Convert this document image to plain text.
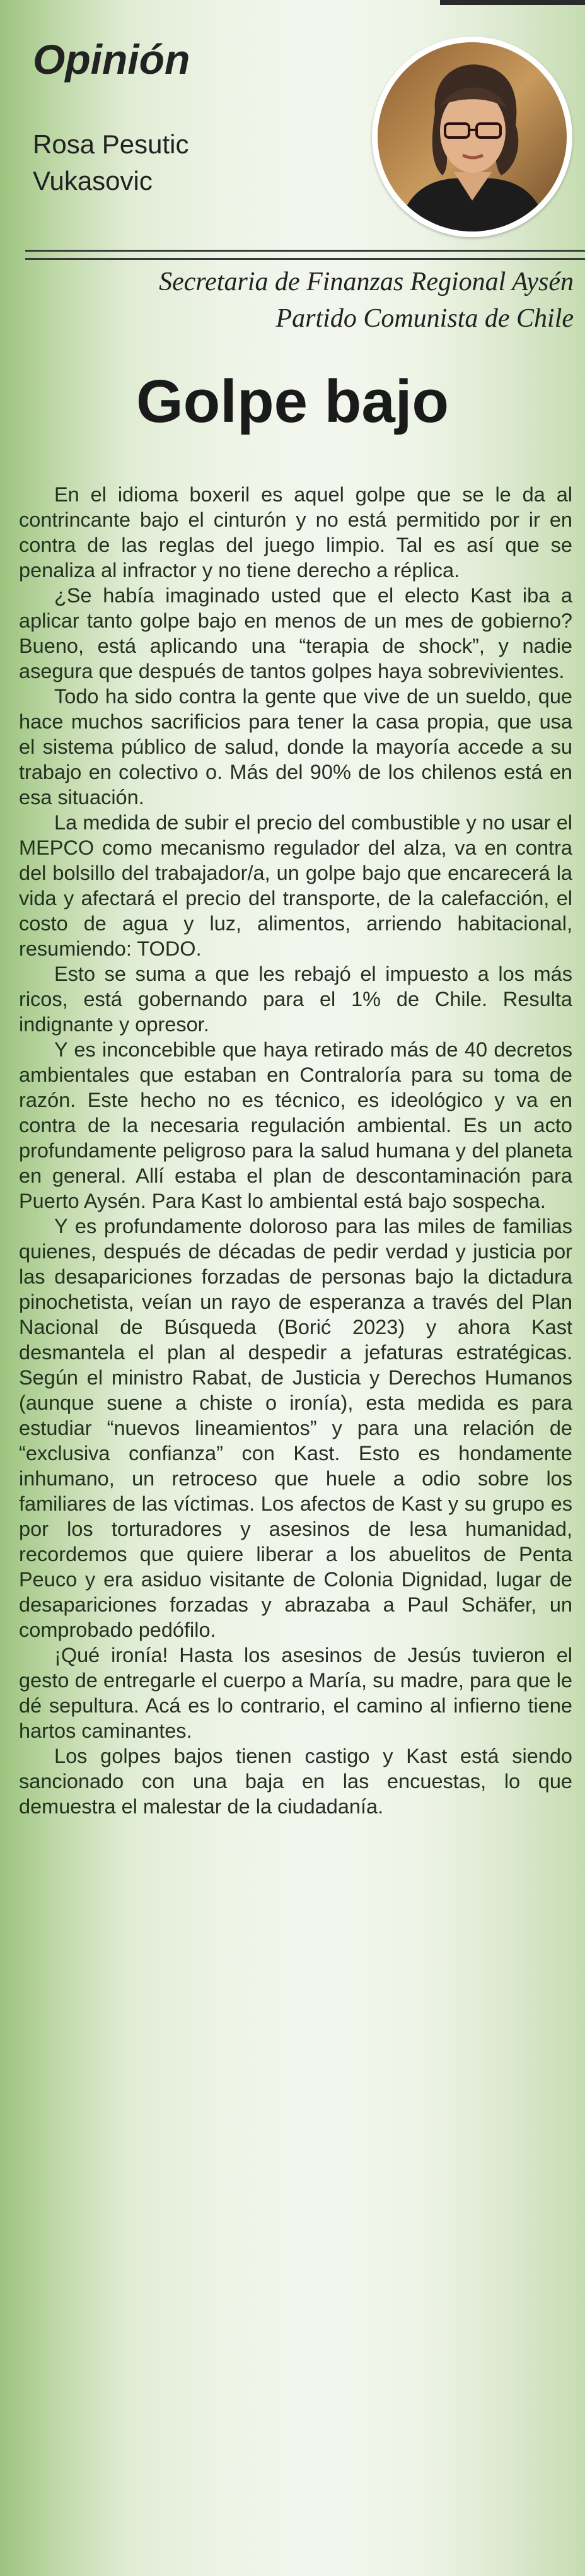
Opinión
Rosa Pesutic
Vukasovic
Secretaria de Finanzas Regional Aysén
Partido Comunista de Chile
Golpe bajo

En el idioma boxeril es aquel golpe que se le da al contrincante bajo el cinturón y no está permitido por ir en contra de las reglas del juego limpio. Tal es así que se penaliza al infractor y no tiene derecho a réplica.

¿Se había imaginado usted que el electo Kast iba a aplicar tanto golpe bajo en menos de un mes de gobierno? Bueno, está aplicando una “terapia de shock”, y nadie asegura que después de tantos golpes haya sobrevivientes.

Todo ha sido contra la gente que vive de un sueldo, que hace muchos sacrificios para tener la casa propia, que usa el sistema público de salud, donde la mayoría accede a su trabajo en colectivo o. Más del 90% de los chilenos está en esa situación.

La medida de subir el precio del combustible y no usar el MEPCO como mecanismo regulador del alza, va en contra del bolsillo del trabajador/a, un golpe bajo que encarecerá la vida y afectará el precio del transporte, de la calefacción, el costo de agua y luz, alimentos, arriendo habitacional, resumiendo: TODO.

Esto se suma a que les rebajó el impuesto a los más ricos, está gobernando para el 1% de Chile. Resulta indignante y opresor.

Y es inconcebible que haya retirado más de 40 decretos ambientales que estaban en Contraloría para su toma de razón. Este hecho no es técnico, es ideológico y va en contra de la necesaria regulación ambiental. Es un acto profundamente peligroso para la salud humana y del planeta en general. Allí estaba el plan de descontaminación para Puerto Aysén. Para Kast lo ambiental está bajo sospecha.

Y es profundamente doloroso para las miles de familias quienes, después de décadas de pedir verdad y justicia por las desapariciones forzadas de personas bajo la dictadura pinochetista, veían un rayo de esperanza a través del Plan Nacional de Búsqueda (Borić 2023) y ahora Kast desmantela el plan al despedir a jefaturas estratégicas. Según el ministro Rabat, de Justicia y Derechos Humanos (aunque suene a chiste o ironía), esta medida es para estudiar “nuevos lineamientos” y para una relación de “exclusiva confianza” con Kast. Esto es hondamente inhumano, un retroceso que huele a odio sobre los familiares de las víctimas. Los afectos de Kast y su grupo es por los torturadores y asesinos de lesa humanidad, recordemos que quiere liberar a los abuelitos de Penta Peuco y era asiduo visitante de Colonia Dignidad, lugar de desapariciones forzadas y abrazaba a Paul Schäfer, un comprobado pedófilo.

¡Qué ironía! Hasta los asesinos de Jesús tuvieron el gesto de entregarle el cuerpo a María, su madre, para que le dé sepultura. Acá es lo contrario, el camino al infierno tiene hartos caminantes.

Los golpes bajos tienen castigo y Kast está siendo sancionado con una baja en las encuestas, lo que demuestra el malestar de la ciudadanía.
